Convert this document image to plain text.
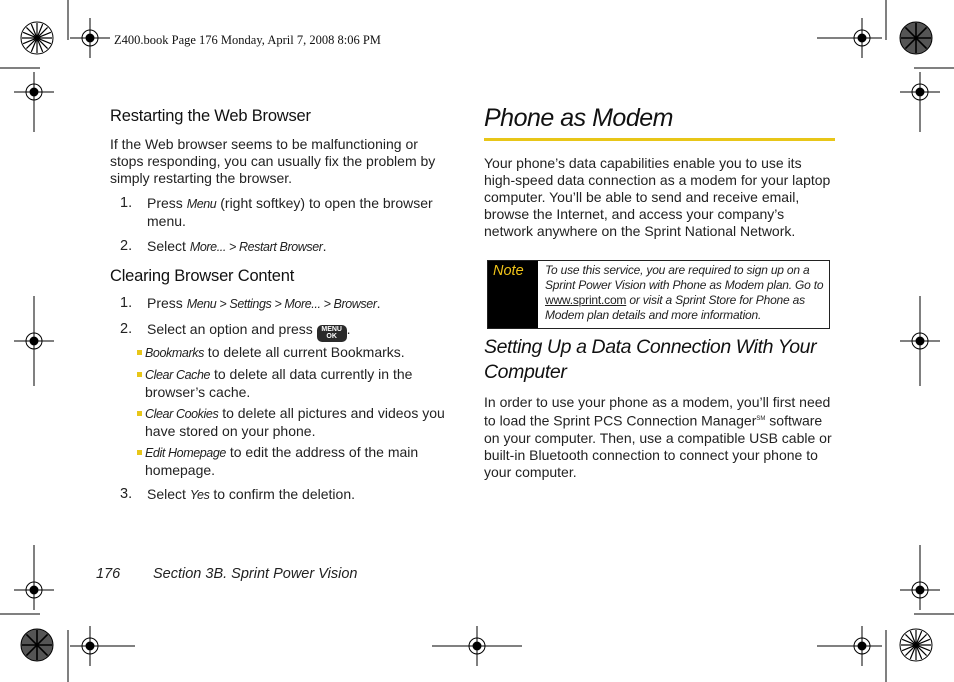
Z400.book Page 176 Monday, April 7, 2008 8:06 PM
Restarting the Web Browser
If the Web browser seems to be malfunctioning or stops responding, you can usually fix the problem by simply restarting the browser.
1. Press Menu (right softkey) to open the browser menu.
2. Select More... > Restart Browser.
Clearing Browser Content
1. Press Menu > Settings > More... > Browser.
2. Select an option and press MENU
OK .
Bookmarks to delete all current Bookmarks.
Clear Cache to delete all data currently in the browser’s cache.
Clear Cookies to delete all pictures and videos you have stored on your phone.
Edit Homepage to edit the address of the main homepage.
3. Select Yes to confirm the deletion.
Phone as Modem
Your phone’s data capabilities enable you to use its high-speed data connection as a modem for your laptop computer. You’ll be able to send and receive email, browse the Internet, and access your company’s network anywhere on the Sprint National Network.
Note	To use this service, you are required to sign up on a Sprint Power Vision with Phone as Modem plan. Go to www.sprint.com or visit a Sprint Store for Phone as Modem plan details and more information.
Setting Up a Data Connection With Your Computer
In order to use your phone as a modem, you’ll first need to load the Sprint PCS Connection Manager℠ software on your computer. Then, use a compatible USB cable or built-in Bluetooth connection to connect your phone to your computer.
176 Section 3B. Sprint Power Vision
